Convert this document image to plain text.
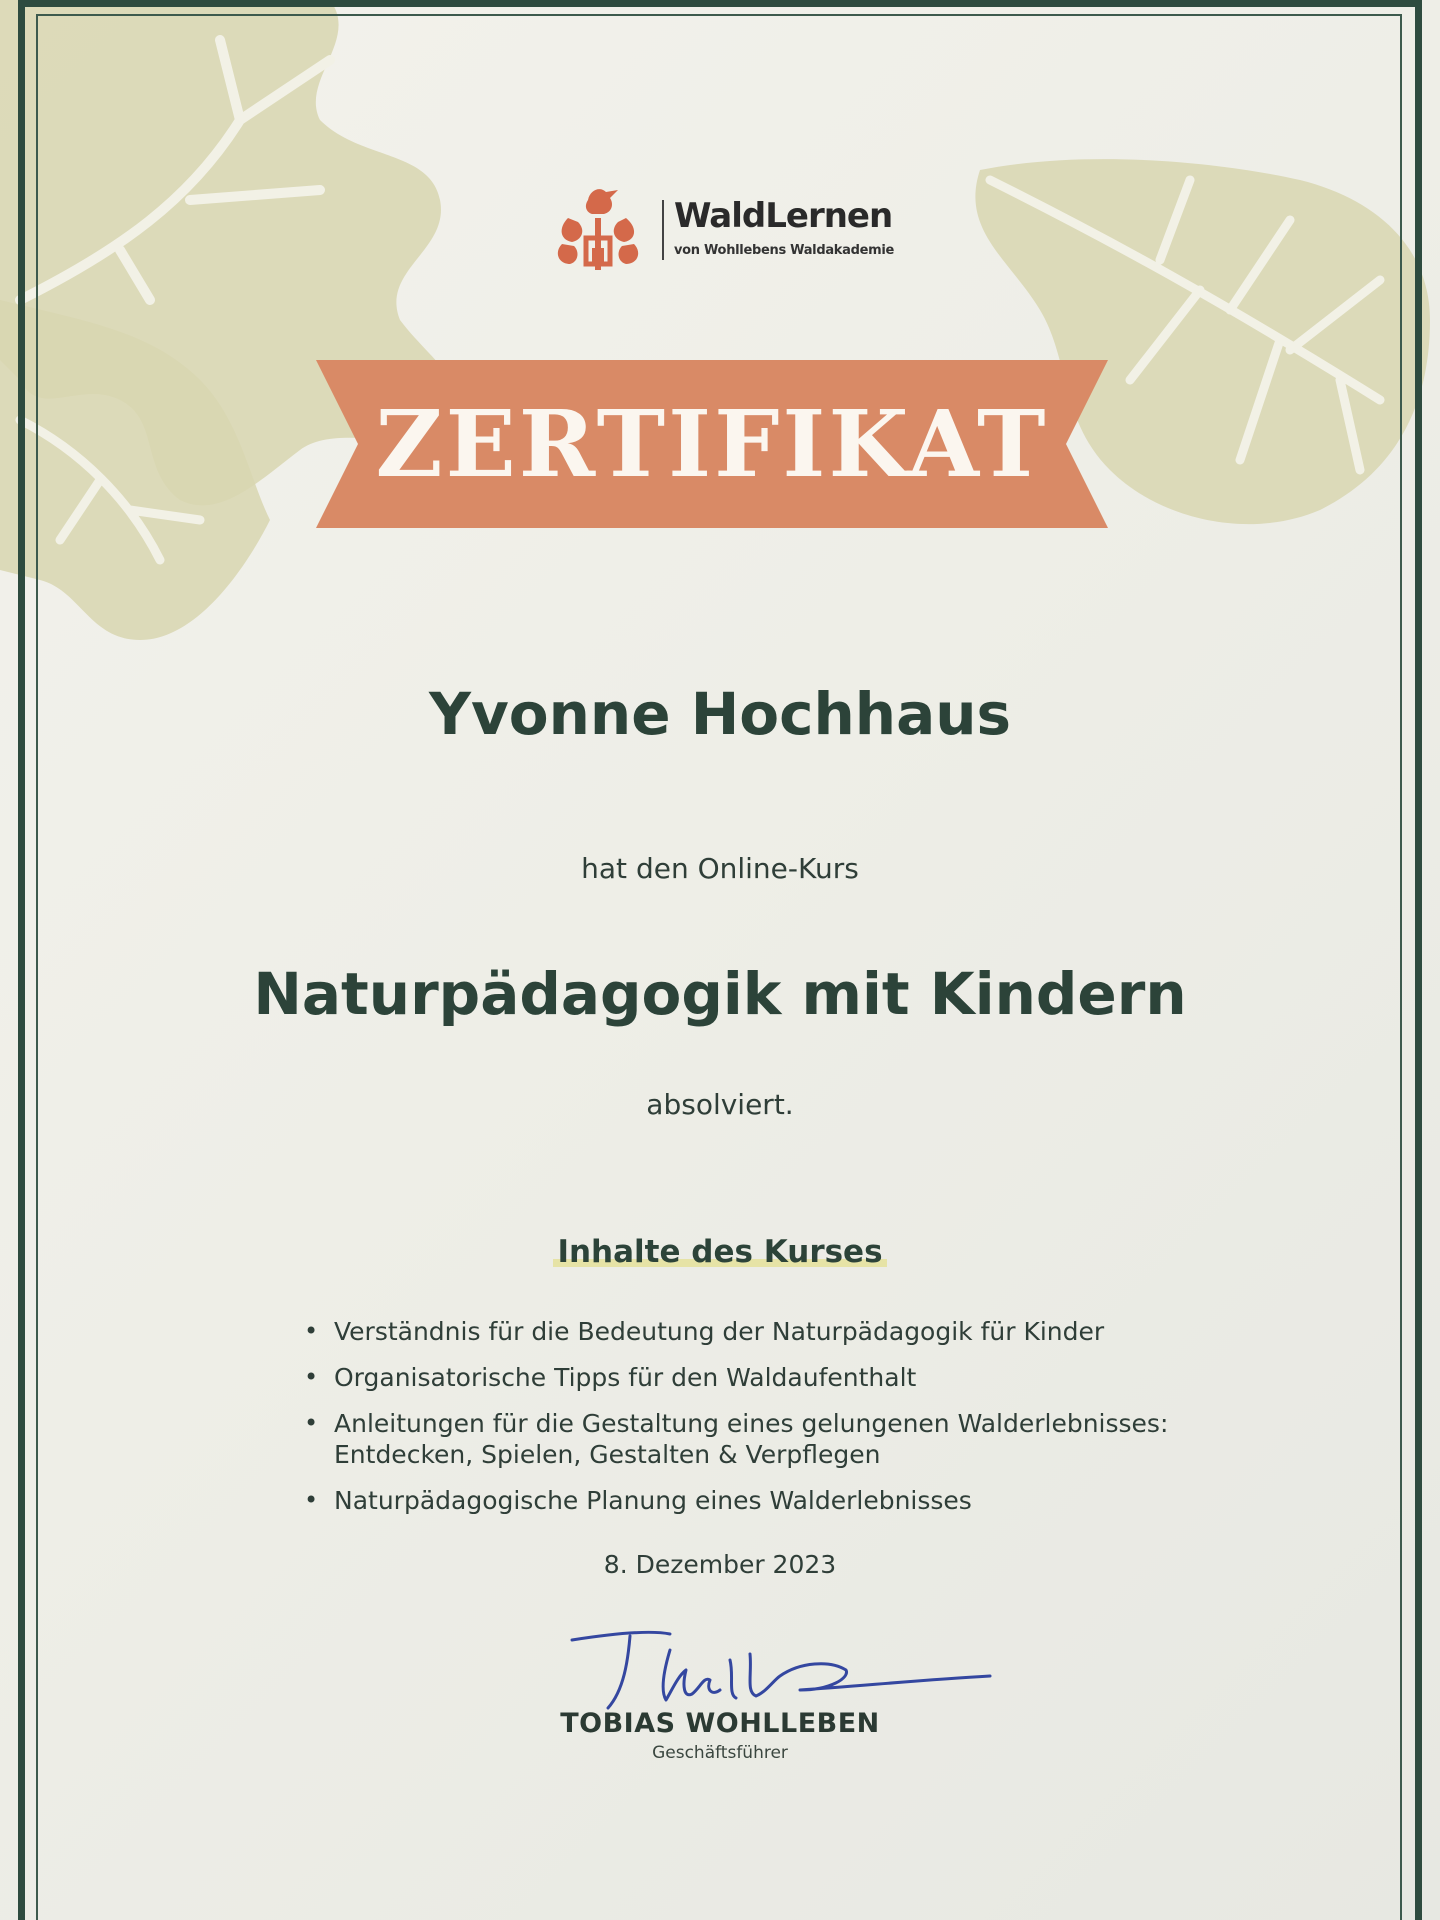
WaldLernen
von Wohllebens Waldakademie
ZERTIFIKAT
Yvonne Hochhaus
hat den Online-Kurs
Naturpädagogik mit Kindern
absolviert.
Inhalte des Kurses
• Verständnis für die Bedeutung der Naturpädagogik für Kinder
• Organisatorische Tipps für den Waldaufenthalt
• Anleitungen für die Gestaltung eines gelungenen Walderlebnisses: Entdecken, Spielen, Gestalten & Verpflegen
• Naturpädagogische Planung eines Walderlebnisses
8. Dezember 2023
TOBIAS WOHLLEBEN
Geschäftsführer
